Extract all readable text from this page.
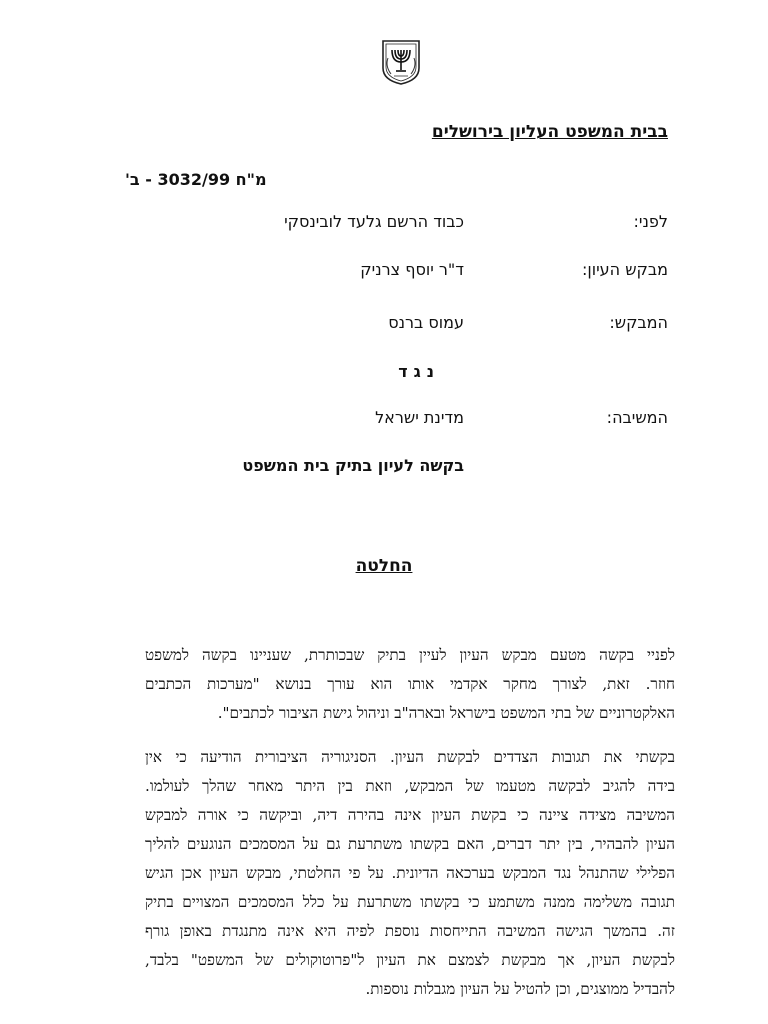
בבית המשפט העליון בירושלים
מ"ח 3032/99 - ב'
לפני:
כבוד הרשם גלעד לובינסקי
מבקש העיון:
ד"ר יוסף צרניק
המבקש:
עמוס ברנס
נגד
המשיבה:
מדינת ישראל
בקשה לעיון בתיק בית המשפט
החלטה
לפניי בקשה מטעם מבקש העיון לעיין בתיק שבכותרת, שעניינו בקשה למשפט
חוזר. זאת, לצורך מחקר אקדמי אותו הוא עורך בנושא "מערכות הכתבים
האלקטרוניים של בתי המשפט בישראל ובארה"ב וניהול גישת הציבור לכתבים".
בקשתי את תגובות הצדדים לבקשת העיון. הסניגוריה הציבורית הודיעה כי אין
בידה להגיב לבקשה מטעמו של המבקש, וזאת בין היתר מאחר שהלך לעולמו.
המשיבה מצידה ציינה כי בקשת העיון אינה בהירה דיה, וביקשה כי אורה למבקש
העיון להבהיר, בין יתר דברים, האם בקשתו משתרעת גם על המסמכים הנוגעים להליך
הפלילי שהתנהל נגד המבקש בערכאה הדיונית. על פי החלטתי, מבקש העיון אכן הגיש
תגובה משלימה ממנה משתמע כי בקשתו משתרעת על כלל המסמכים המצויים בתיק
זה. בהמשך הגישה המשיבה התייחסות נוספת לפיה היא אינה מתנגדת באופן גורף
לבקשת העיון, אך מבקשת לצמצם את העיון ל"פרוטוקולים של המשפט" בלבד,
להבדיל ממוצגים, וכן להטיל על העיון מגבלות נוספות.
